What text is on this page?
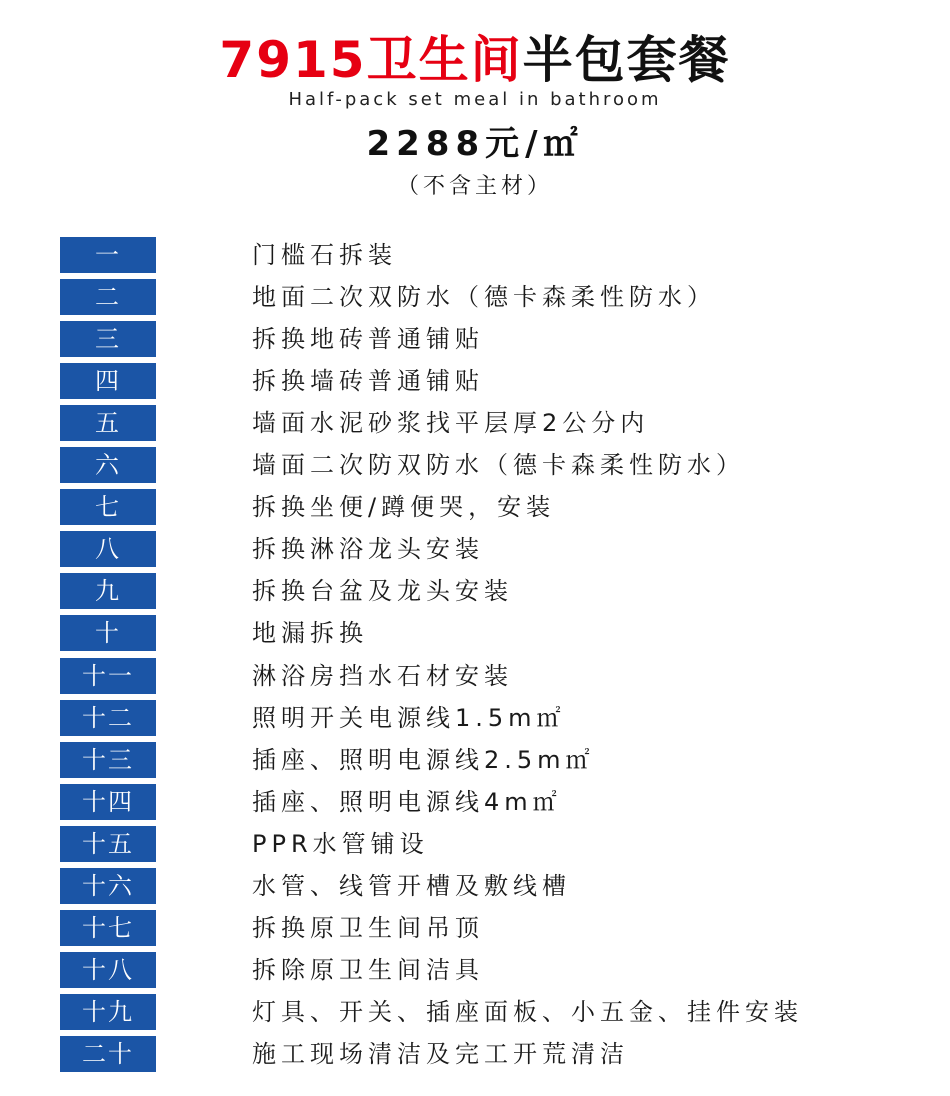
7915卫生间半包套餐
Half-pack set meal in bathroom
2288元/㎡
（不含主材）
一	门槛石拆装
二	地面二次双防水（德卡森柔性防水）
三	拆换地砖普通铺贴
四	拆换墙砖普通铺贴
五	墙面水泥砂浆找平层厚2公分内
六	墙面二次防双防水（德卡森柔性防水）
七	拆换坐便/蹲便哭，安装
八	拆换淋浴龙头安装
九	拆换台盆及龙头安装
十	地漏拆换
十一	淋浴房挡水石材安装
十二	照明开关电源线1.5m㎡
十三	插座、照明电源线2.5m㎡
十四	插座、照明电源线4m㎡
十五	PPR水管铺设
十六	水管、线管开槽及敷线槽
十七	拆换原卫生间吊顶
十八	拆除原卫生间洁具
十九	灯具、开关、插座面板、小五金、挂件安装
二十	施工现场清洁及完工开荒清洁
